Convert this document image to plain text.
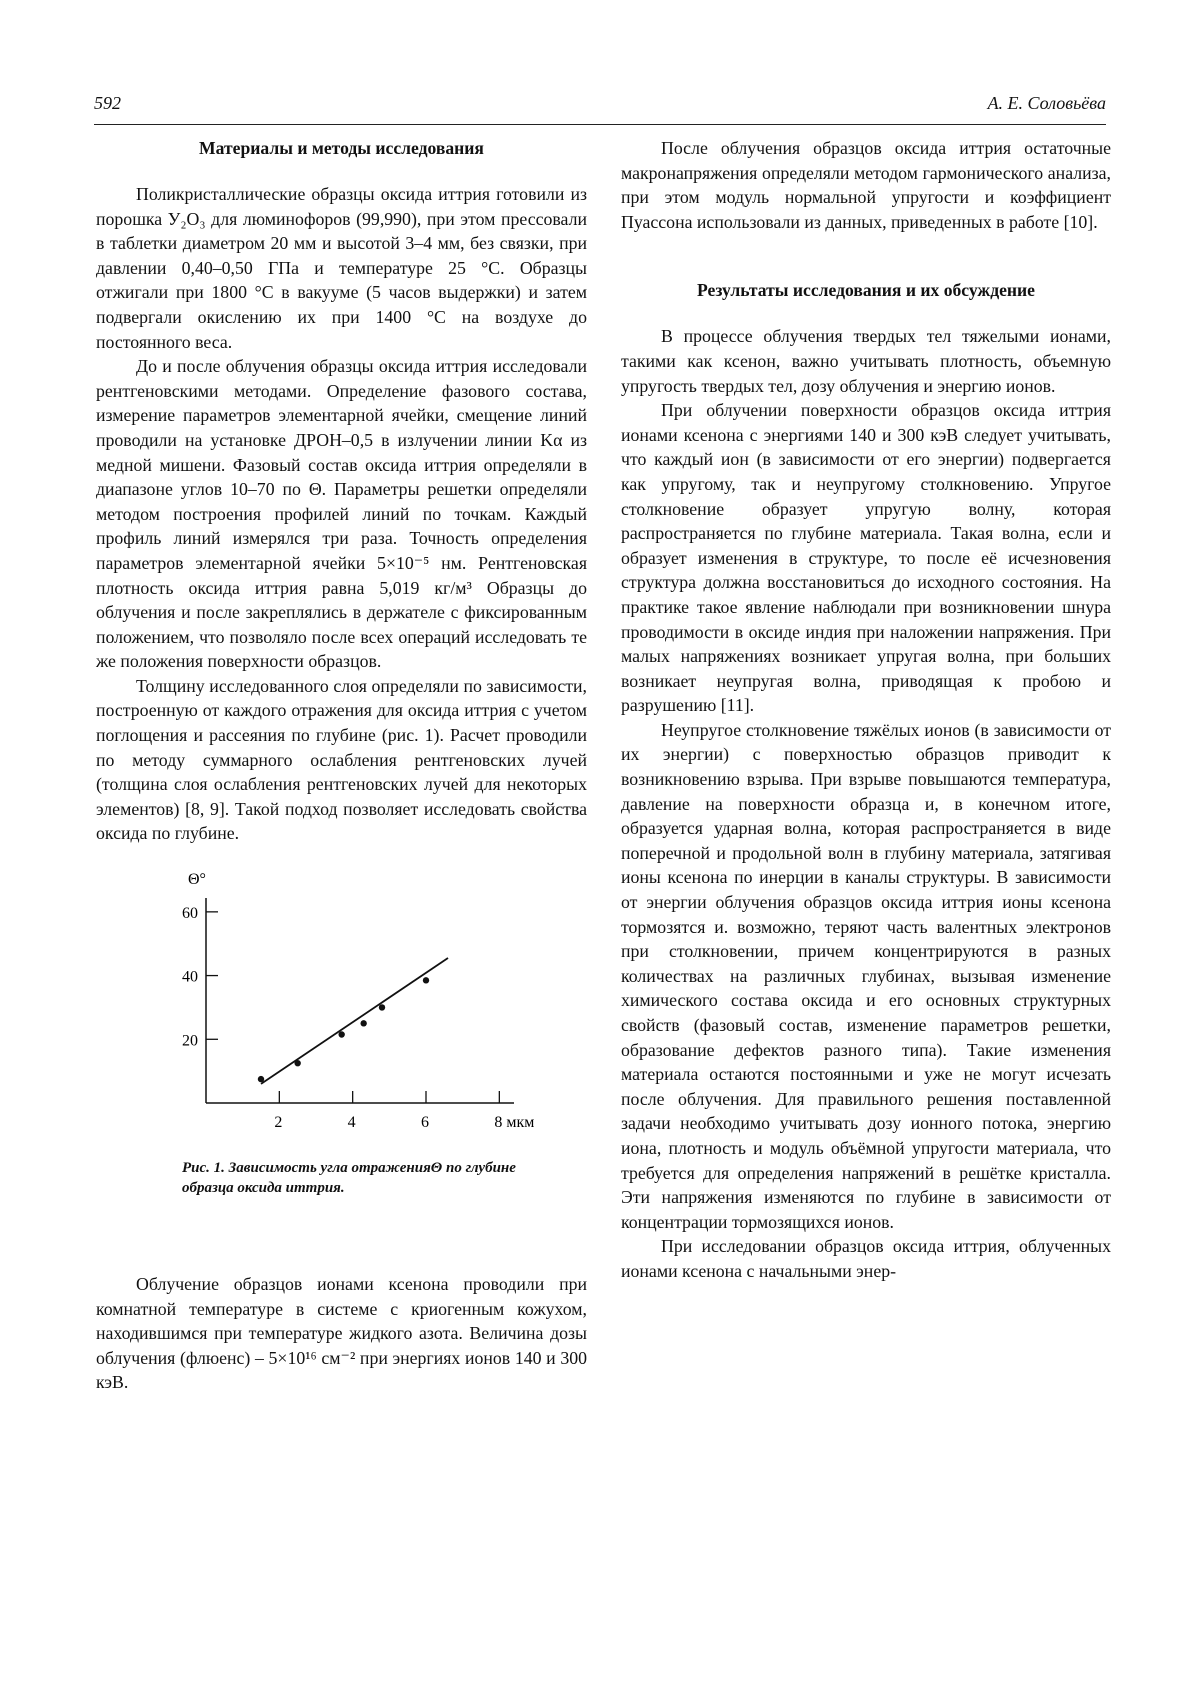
592	А. Е. Соловьёва
Материалы и методы исследования

Поликристаллические образцы оксида иттрия готовили из порошка У₂О₃ для люминофоров (99,990), при этом прессовали в таблетки диаметром 20 мм и высотой 3–4 мм, без связки, при давлении 0,40–0,50 ГПа и температуре 25 °С. Образцы отжигали при 1800 °С в вакууме (5 часов выдержки) и затем подвергали окислению их при 1400 °С на воздухе до постоянного веса.

До и после облучения образцы оксида иттрия исследовали рентгеновскими методами. Определение фазового состава, измерение параметров элементарной ячейки, смещение линий проводили на установке ДРОН–0,5 в излучении линии Kα из медной мишени. Фазовый состав оксида иттрия определяли в диапазоне углов 10–70 по Θ. Параметры решетки определяли методом построения профилей линий по точкам. Каждый профиль линий измерялся три раза. Точность определения параметров элементарной ячейки 5×10⁻⁵ нм. Рентгеновская плотность оксида иттрия равна 5,019 кг/м³ Образцы до облучения и после закреплялись в держателе с фиксированным положением, что позволяло после всех операций исследовать те же положения поверхности образцов.

Толщину исследованного слоя определяли по зависимости, построенную от каждого отражения для оксида иттрия с учетом поглощения и рассеяния по глубине (рис. 1). Расчет проводили по методу суммарного ослабления рентгеновских лучей (толщина слоя ослабления рентгеновских лучей для некоторых элементов) [8, 9]. Такой подход позволяет исследовать свойства оксида по глубине.

Θ°
20
40
60
2	4	6	8 мкм
Рис. 1. Зависимость угла отраженияΘ по глубине образца оксида иттрия.

Облучение образцов ионами ксенона проводили при комнатной температуре в системе с криогенным кожухом, находившимся при температуре жидкого азота. Величина дозы облучения (флюенс) – 5×10¹⁶ см⁻² при энергиях ионов 140 и 300 кэВ.

После облучения образцов оксида иттрия остаточные макронапряжения определяли методом гармонического анализа, при этом модуль нормальной упругости и коэффициент Пуассона использовали из данных, приведенных в работе [10].

Результаты исследования и их обсуждение

В процессе облучения твердых тел тяжелыми ионами, такими как ксенон, важно учитывать плотность, объемную упругость твердых тел, дозу облучения и энергию ионов.

При облучении поверхности образцов оксида иттрия ионами ксенона с энергиями 140 и 300 кэВ следует учитывать, что каждый ион (в зависимости от его энергии) подвергается как упругому, так и неупругому столкновению. Упругое столкновение образует упругую волну, которая распространяется по глубине материала. Такая волна, если и образует изменения в структуре, то после её исчезновения структура должна восстановиться до исходного состояния. На практике такое явление наблюдали при возникновении шнура проводимости в оксиде индия при наложении напряжения. При малых напряжениях возникает упругая волна, при больших возникает неупругая волна, приводящая к пробою и разрушению [11].

Неупругое столкновение тяжёлых ионов (в зависимости от их энергии) с поверхностью образцов приводит к возникновению взрыва. При взрыве повышаются температура, давление на поверхности образца и, в конечном итоге, образуется ударная волна, которая распространяется в виде поперечной и продольной волн в глубину материала, затягивая ионы ксенона по инерции в каналы структуры. В зависимости от энергии облучения образцов оксида иттрия ионы ксенона тормозятся и. возможно, теряют часть валентных электронов при столкновении, причем концентрируются в разных количествах на различных глубинах, вызывая изменение химического состава оксида и его основных структурных свойств (фазовый состав, изменение параметров решетки, образование дефектов разного типа). Такие изменения материала остаются постоянными и уже не могут исчезать после облучения. Для правильного решения поставленной задачи необходимо учитывать дозу ионного потока, энергию иона, плотность и модуль объёмной упругости материала, что требуется для определения напряжений в решётке кристалла. Эти напряжения изменяются по глубине в зависимости от концентрации тормозящихся ионов.

При исследовании образцов оксида иттрия, облученных ионами ксенона с начальными энер-
